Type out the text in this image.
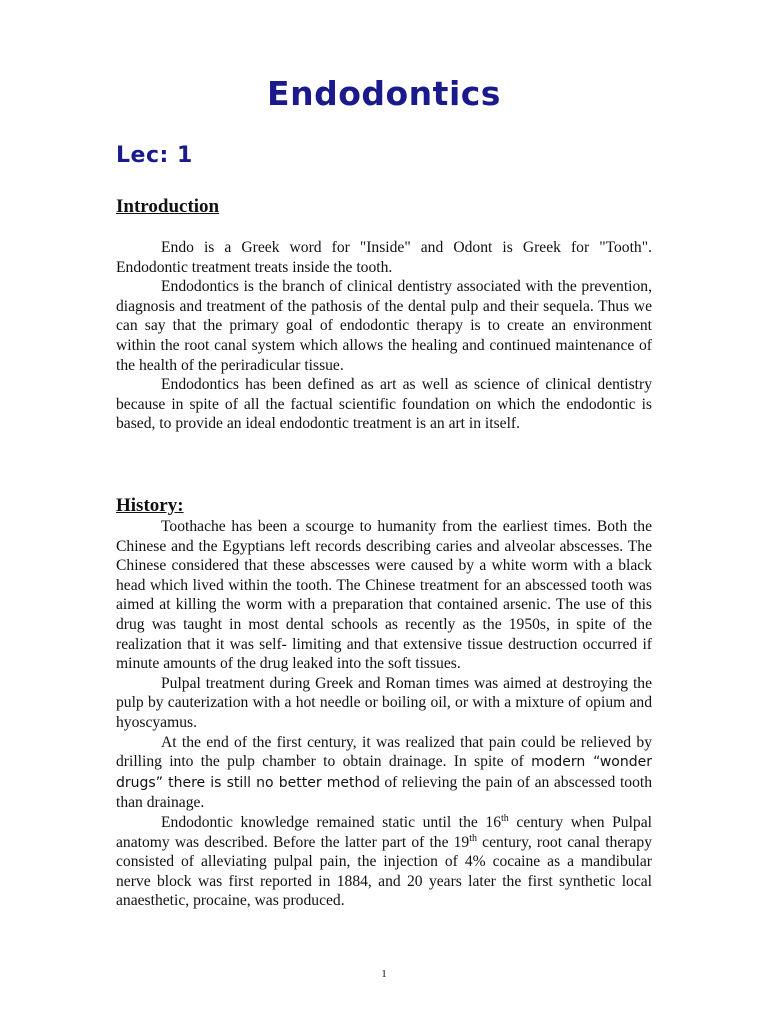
Endodontics
Lec: 1
Introduction

Endo is a Greek word for "Inside" and Odont is Greek for "Tooth". Endodontic treatment treats inside the tooth.

Endodontics is the branch of clinical dentistry associated with the prevention, diagnosis and treatment of the pathosis of the dental pulp and their sequela. Thus we can say that the primary goal of endodontic therapy is to create an environment within the root canal system which allows the healing and continued maintenance of the health of the periradicular tissue.

Endodontics has been defined as art as well as science of clinical dentistry because in spite of all the factual scientific foundation on which the endodontic is based, to provide an ideal endodontic treatment is an art in itself.

History:

Toothache has been a scourge to humanity from the earliest times. Both the Chinese and the Egyptians left records describing caries and alveolar abscesses. The Chinese considered that these abscesses were caused by a white worm with a black head which lived within the tooth. The Chinese treatment for an abscessed tooth was aimed at killing the worm with a preparation that contained arsenic. The use of this drug was taught in most dental schools as recently as the 1950s, in spite of the realization that it was self- limiting and that extensive tissue destruction occurred if minute amounts of the drug leaked into the soft tissues.

Pulpal treatment during Greek and Roman times was aimed at destroying the pulp by cauterization with a hot needle or boiling oil, or with a mixture of opium and hyoscyamus.

At the end of the first century, it was realized that pain could be relieved by drilling into the pulp chamber to obtain drainage. In spite of modern “wonder drugs” there is still no better method of relieving the pain of an abscessed tooth than drainage.

Endodontic knowledge remained static until the 16th century when Pulpal anatomy was described. Before the latter part of the 19th century, root canal therapy consisted of alleviating pulpal pain, the injection of 4% cocaine as a mandibular nerve block was first reported in 1884, and 20 years later the first synthetic local anaesthetic, procaine, was produced.

1
